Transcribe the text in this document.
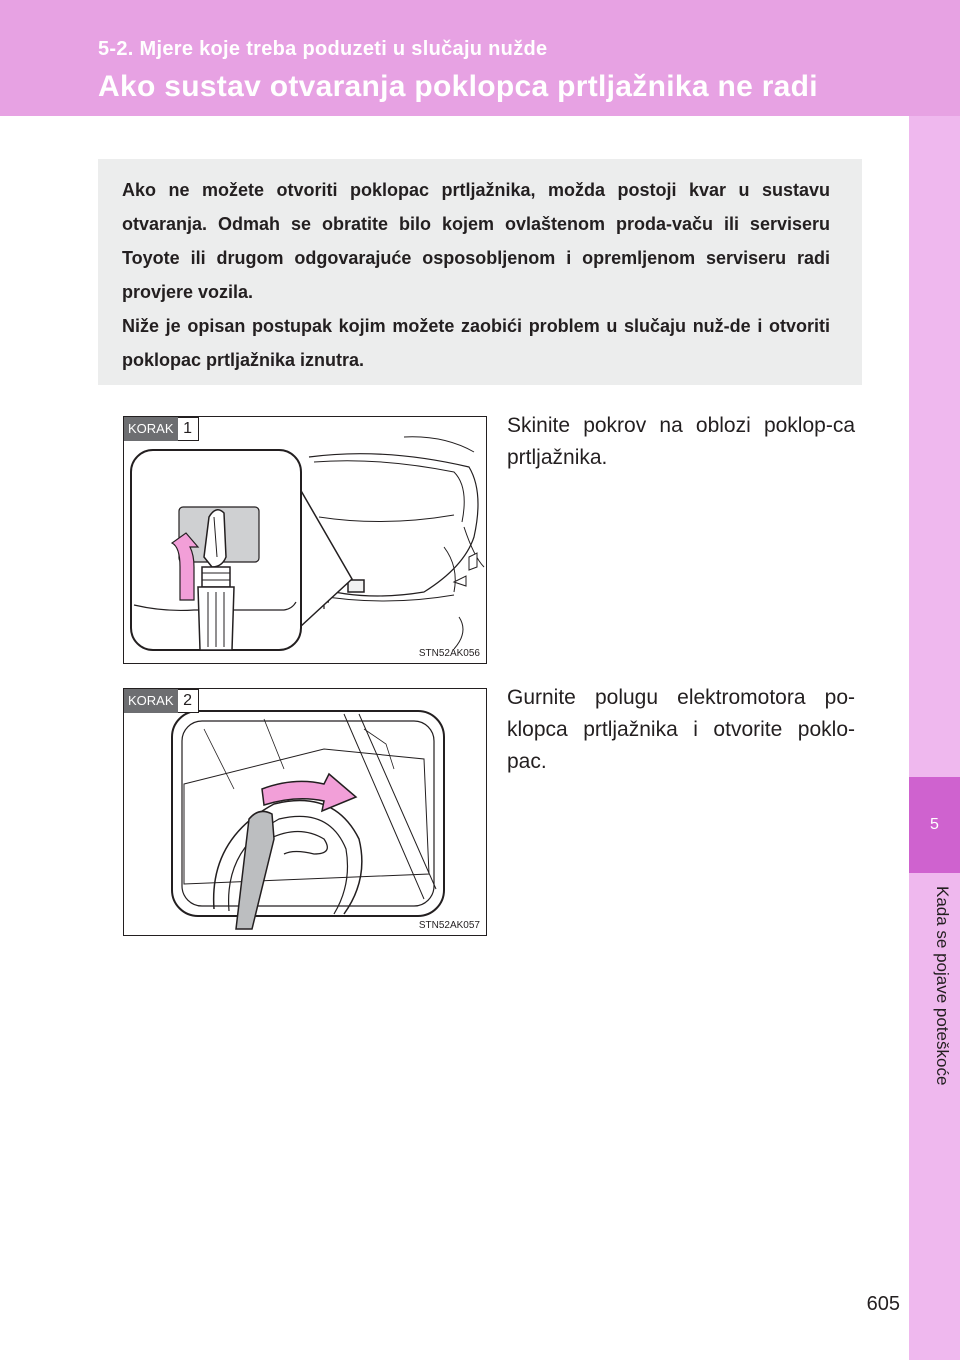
5-2. Mjere koje treba poduzeti u slučaju nužde
Ako sustav otvaranja poklopca prtljažnika ne radi
5
Kada se pojave poteškoće

Ako ne možete otvoriti poklopac prtljažnika, možda postoji kvar u sustavu otvaranja. Odmah se obratite bilo kojem ovlaštenom proda-vaču ili serviseru Toyote ili drugom odgovarajuće osposobljenom i opremljenom serviseru radi provjere vozila.

Niže je opisan postupak kojim možete zaobići problem u slučaju nuž-de i otvoriti poklopac prtljažnika iznutra.

KORAK 1
STN52AK056
Skinite pokrov na oblozi poklop-ca prtljažnika.
KORAK 2
STN52AK057
Gurnite polugu elektromotora po-klopca prtljažnika i otvorite poklo-pac.
605
